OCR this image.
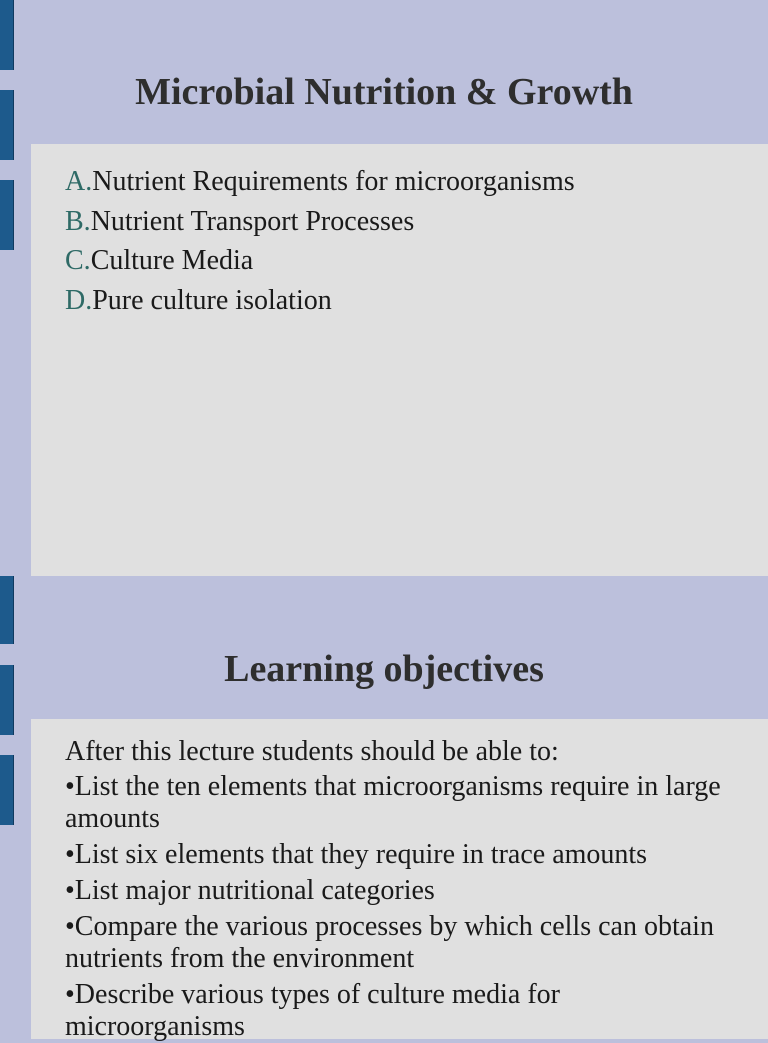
Microbial Nutrition & Growth
A.Nutrient Requirements for microorganisms
B.Nutrient Transport Processes
C.Culture Media
D.Pure culture isolation
Learning objectives
After this lecture students should be able to:
•List the ten elements that microorganisms require in large amounts
•List six elements that they require in trace amounts
•List major nutritional categories
•Compare the various processes by which cells can obtain nutrients from the environment
•Describe various types of culture media for microorganisms
